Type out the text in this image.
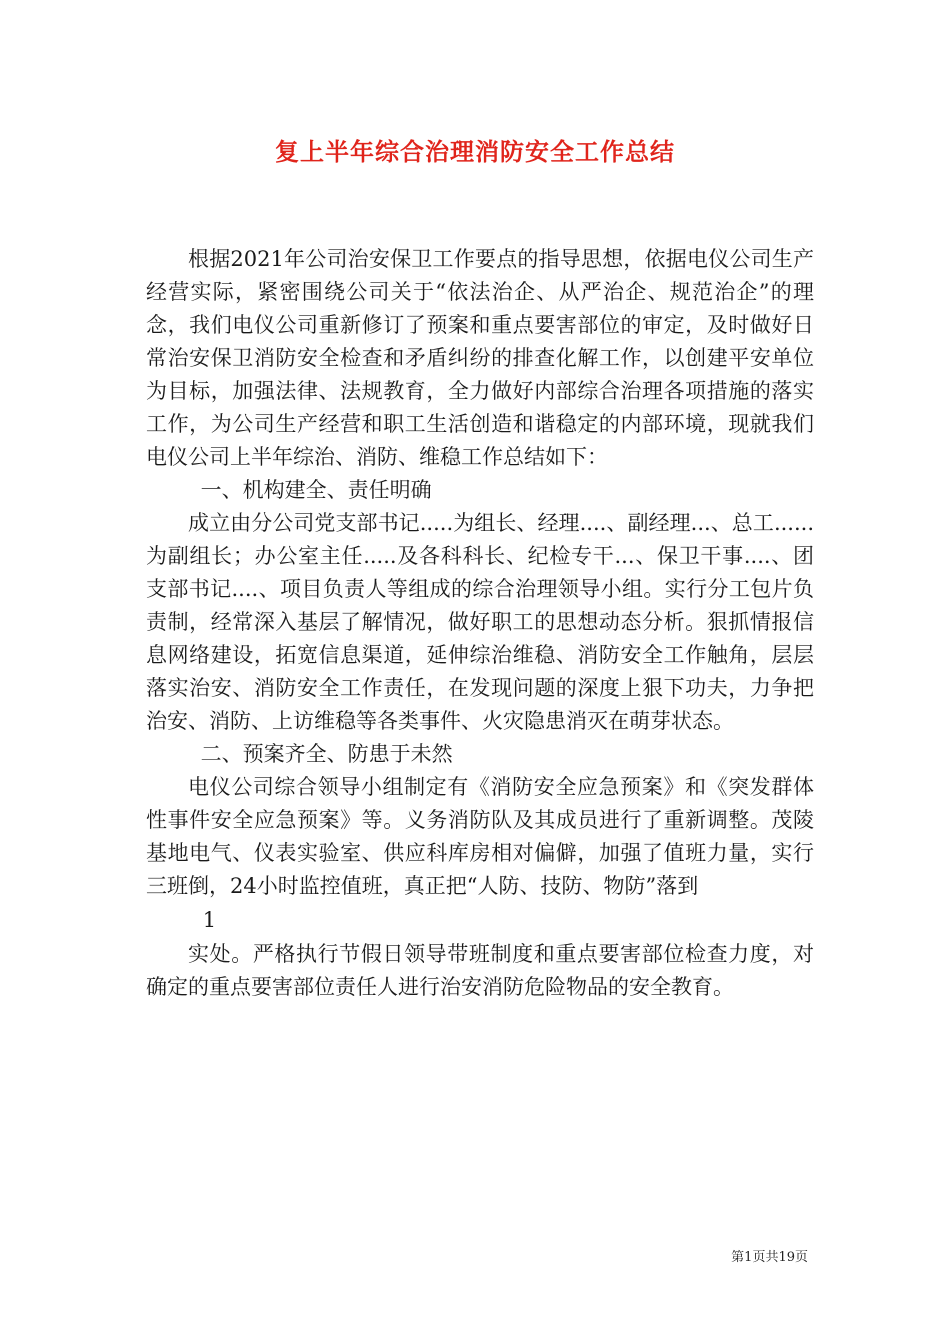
复上半年综合治理消防安全工作总结

根据2021年公司治安保卫工作要点的指导思想，依据电仪公司生产经营实际，紧密围绕公司关于“依法治企、从严治企、规范治企”的理念，我们电仪公司重新修订了预案和重点要害部位的审定，及时做好日常治安保卫消防安全检查和矛盾纠纷的排查化解工作，以创建平安单位为目标，加强法律、法规教育，全力做好内部综合治理各项措施的落实工作，为公司生产经营和职工生活创造和谐稳定的内部环境，现就我们电仪公司上半年综治、消防、维稳工作总结如下：

一、机构建全、责任明确

成立由分公司党支部书记.....为组长、经理....、副经理...、总工......为副组长；办公室主任.....及各科科长、纪检专干...、保卫干事....、团支部书记....、项目负责人等组成的综合治理领导小组。实行分工包片负责制，经常深入基层了解情况，做好职工的思想动态分析。狠抓情报信息网络建设，拓宽信息渠道，延伸综治维稳、消防安全工作触角，层层落实治安、消防安全工作责任，在发现问题的深度上狠下功夫，力争把治安、消防、上访维稳等各类事件、火灾隐患消灭在萌芽状态。

二、预案齐全、防患于未然

电仪公司综合领导小组制定有《消防安全应急预案》和《突发群体性事件安全应急预案》等。义务消防队及其成员进行了重新调整。茂陵基地电气、仪表实验室、供应科库房相对偏僻，加强了值班力量，实行三班倒，24小时监控值班，真正把“人防、技防、物防”落到

1

实处。严格执行节假日领导带班制度和重点要害部位检查力度，对确定的重点要害部位责任人进行治安消防危险物品的安全教育。

第1页共19页
